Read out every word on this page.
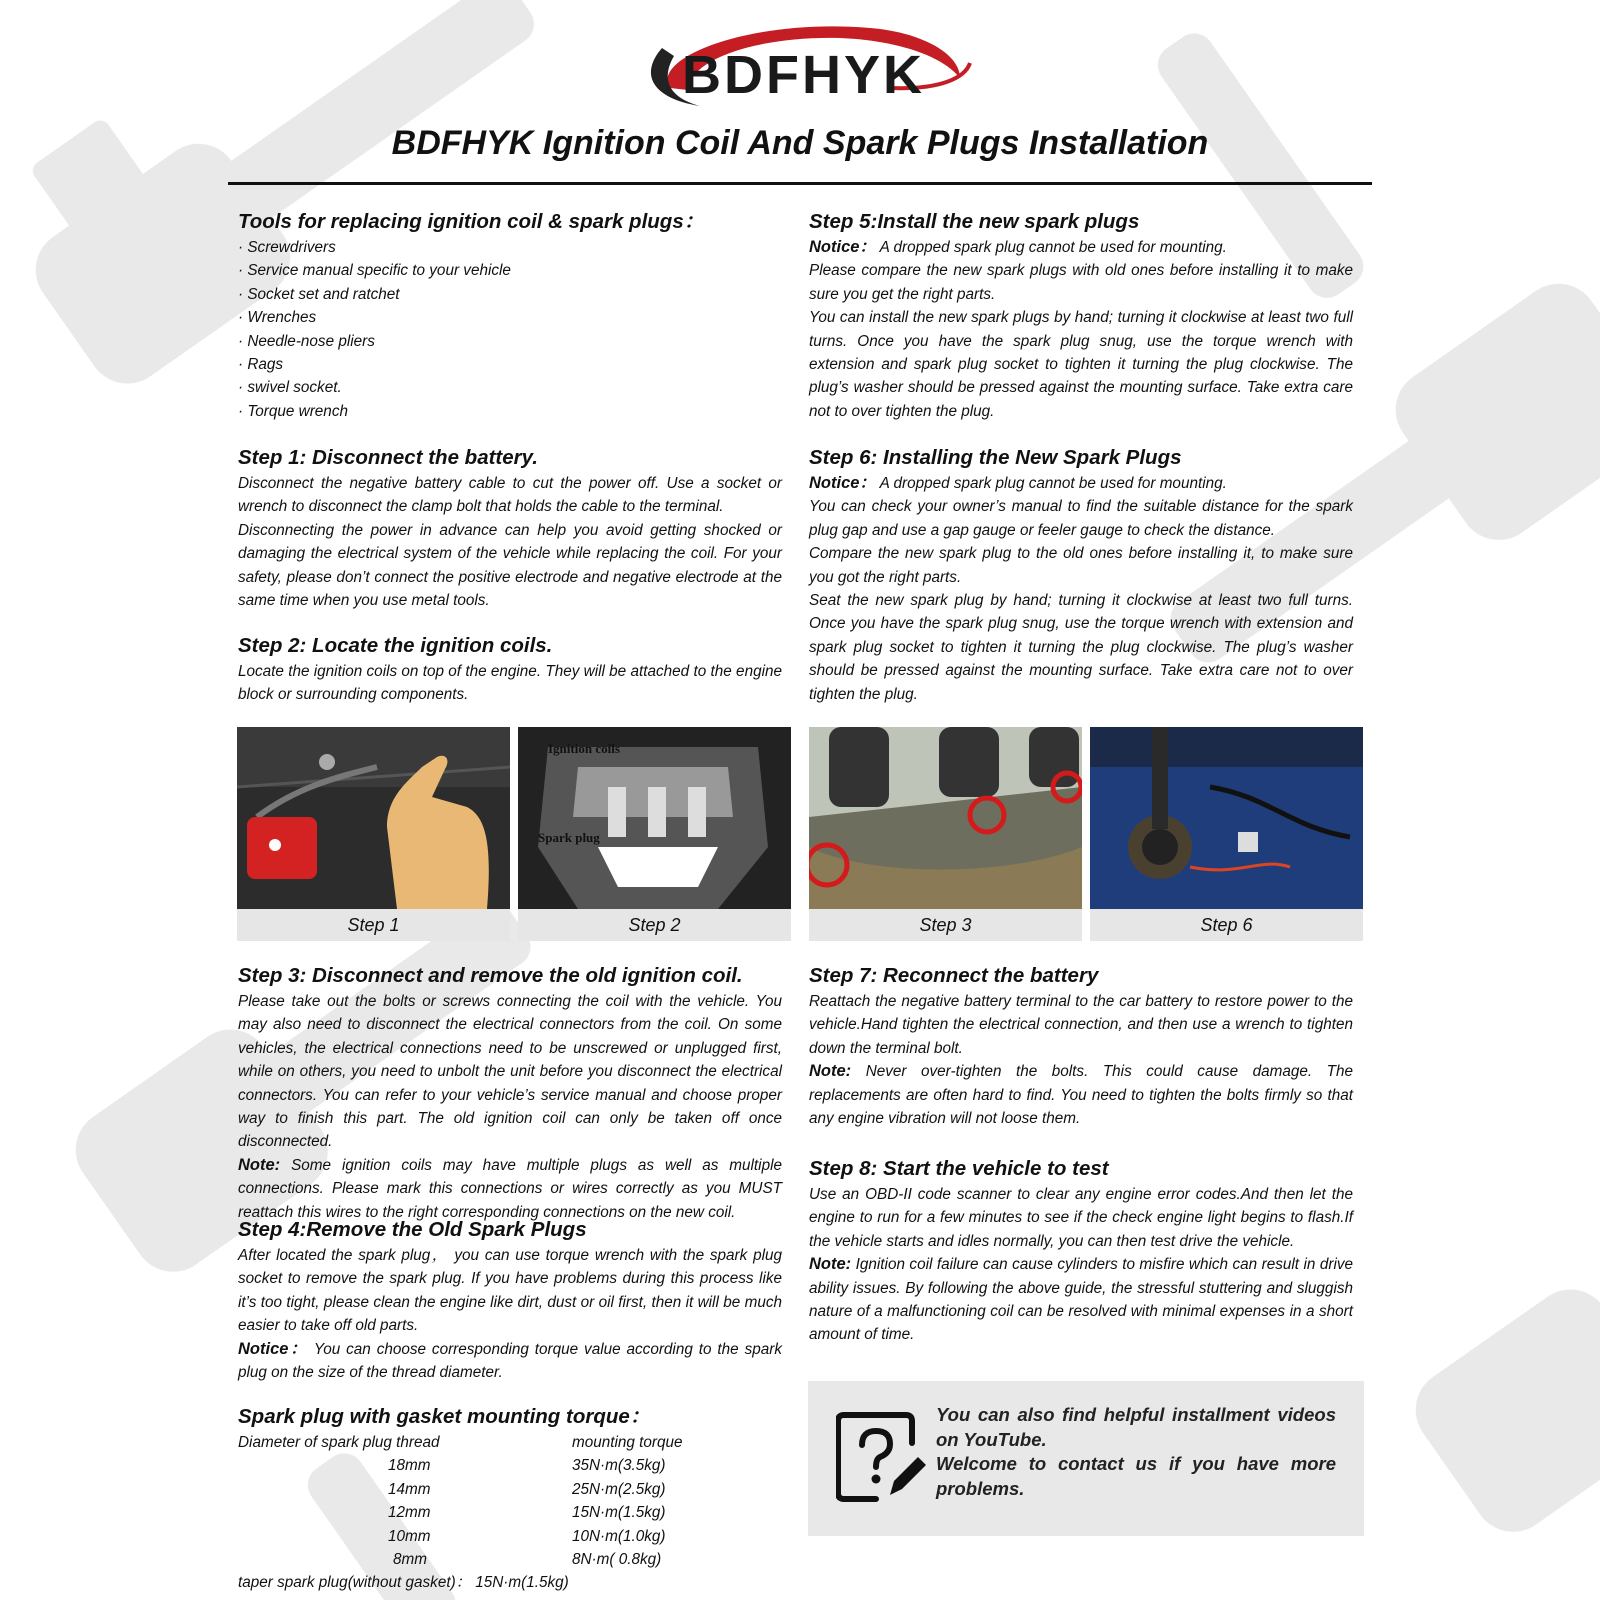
BDFHYK
BDFHYK Ignition Coil And Spark Plugs Installation
Tools for replacing ignition coil & spark plugs：
· Screwdrivers
· Service manual specific to your vehicle
· Socket set and ratchet
· Wrenches
· Needle-nose pliers
· Rags
· swivel socket.
· Torque wrench
Step 1: Disconnect the battery.

Disconnect the negative battery cable to cut the power off. Use a socket or wrench to disconnect the clamp bolt that holds the cable to the terminal.

Disconnecting the power in advance can help you avoid getting shocked or damaging the electrical system of the vehicle while replacing the coil. For your safety, please don’t connect the positive electrode and negative electrode at the same time when you use metal tools.

Step 2: Locate the ignition coils.

Locate the ignition coils on top of the engine. They will be attached to the engine block or surrounding components.

Step 5:Install the new spark plugs

Notice： A dropped spark plug cannot be used for mounting.

Please compare the new spark plugs with old ones before installing it to make sure you get the right parts.

You can install the new spark plugs by hand; turning it clockwise at least two full turns. Once you have the spark plug snug, use the torque wrench with extension and spark plug socket to tighten it turning the plug clockwise. The plug’s washer should be pressed against the mounting surface. Take extra care not to over tighten the plug.

Step 6: Installing the New Spark Plugs

Notice： A dropped spark plug cannot be used for mounting.

You can check your owner’s manual to find the suitable distance for the spark plug gap and use a gap gauge or feeler gauge to check the distance.

Compare the new spark plug to the old ones before installing it, to make sure you got the right parts.

Seat the new spark plug by hand; turning it clockwise at least two full turns. Once you have the spark plug snug, use the torque wrench with extension and spark plug socket to tighten it turning the plug clockwise. The plug’s washer should be pressed against the mounting surface. Take extra care not to over tighten the plug.

Step 1
Ignition coils
Spark plug
Step 2	Step 3	Step 6
Step 3: Disconnect and remove the old ignition coil.

Please take out the bolts or screws connecting the coil with the vehicle. You may also need to disconnect the electrical connectors from the coil. On some vehicles, the electrical connections need to be unscrewed or unplugged first, while on others, you need to unbolt the unit before you disconnect the electrical connectors. You can refer to your vehicle’s service manual and choose proper way to finish this part. The old ignition coil can only be taken off once disconnected.

Note: Some ignition coils may have multiple plugs as well as multiple connections. Please mark this connections or wires correctly as you MUST reattach this wires to the right corresponding connections on the new coil.

Step 4:Remove the Old Spark Plugs

After located the spark plug， you can use torque wrench with the spark plug socket to remove the spark plug. If you have problems during this process like it’s too tight, please clean the engine like dirt, dust or oil first, then it will be much easier to take off old parts.

Notice： You can choose corresponding torque value according to the spark plug on the size of the thread diameter.

Spark plug with gasket mounting torque：
Diameter of spark plug thread	mounting torque
18mm	35N·m(3.5kg)
14mm	25N·m(2.5kg)
12mm	15N·m(1.5kg)
10mm	10N·m(1.0kg)
8mm	8N·m( 0.8kg)

taper spark plug(without gasket)： 15N·m(1.5kg)

Step 7: Reconnect the battery

Reattach the negative battery terminal to the car battery to restore power to the vehicle.Hand tighten the electrical connection, and then use a wrench to tighten down the terminal bolt.

Note: Never over-tighten the bolts. This could cause damage. The replacements are often hard to find. You need to tighten the bolts firmly so that any engine vibration will not loose them.

Step 8: Start the vehicle to test

Use an OBD-II code scanner to clear any engine error codes.And then let the engine to run for a few minutes to see if the check engine light begins to flash.If the vehicle starts and idles normally, you can then test drive the vehicle.

Note: Ignition coil failure can cause cylinders to misfire which can result in drive ability issues. By following the above guide, the stressful stuttering and sluggish nature of a malfunctioning coil can be resolved with minimal expenses in a short amount of time.

You can also find helpful installment videos on YouTube.
Welcome to contact us if you have more problems.
